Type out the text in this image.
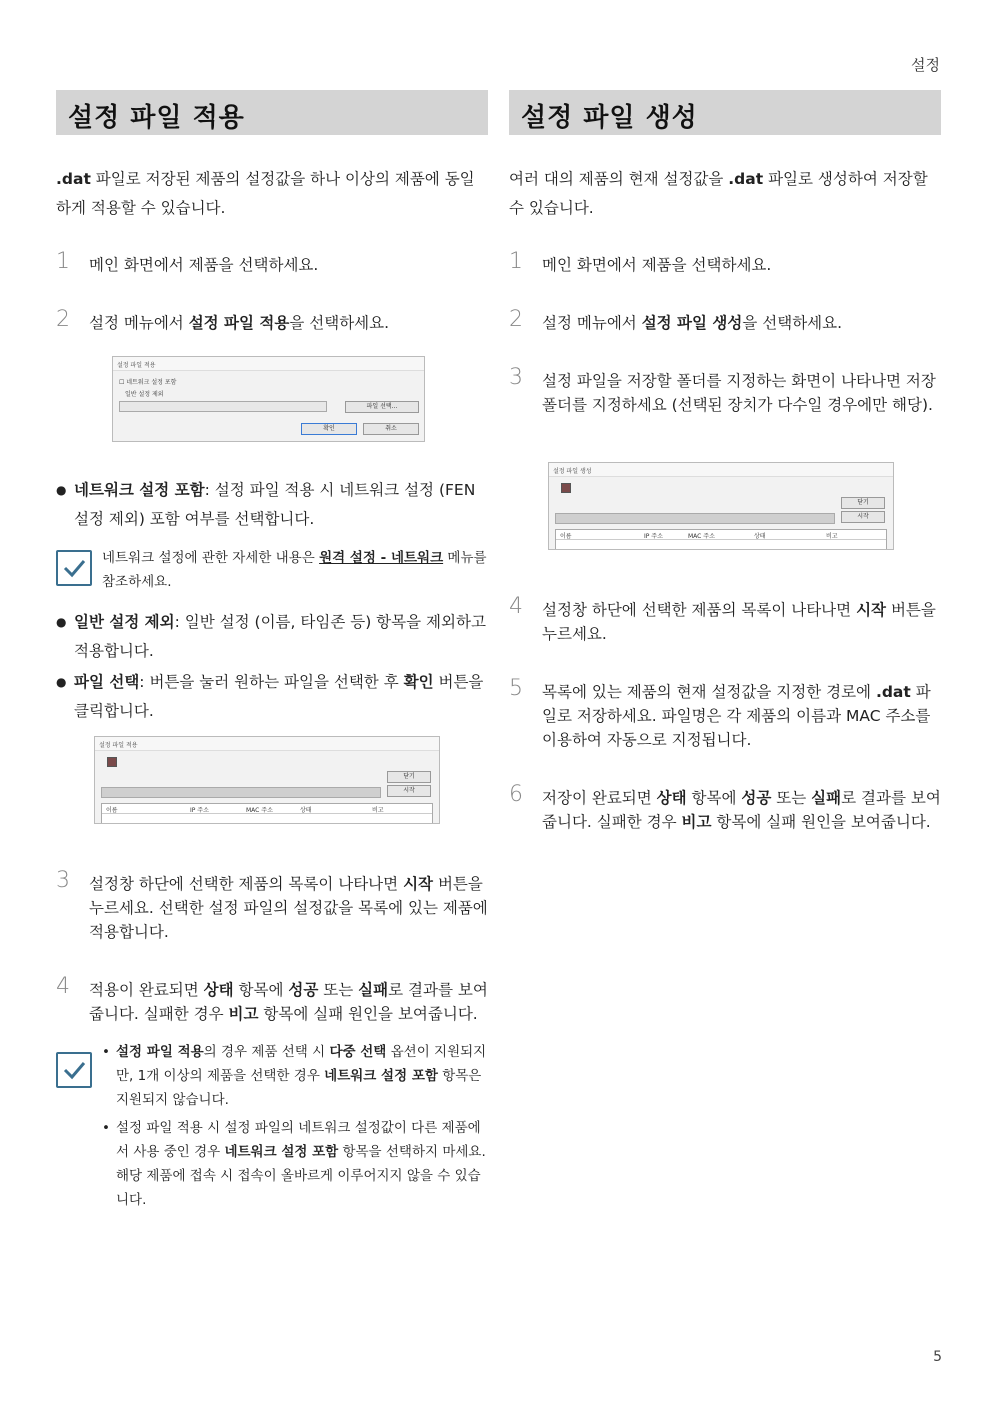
설정
설정 파일 적용
.dat 파일로 저장된 제품의 설정값을 하나 이상의 제품에 동일하게 적용할 수 있습니다.
1 메인 화면에서 제품을 선택하세요.
2 설정 메뉴에서 설정 파일 적용을 선택하세요.
설정 파일 적용
☐ 네트워크 설정 포함
일반 설정 제외
파일 선택...
확인	취소
● 네트워크 설정 포함: 설정 파일 적용 시 네트워크 설정 (FEN 설정 제외) 포함 여부를 선택합니다.
네트워크 설정에 관한 자세한 내용은 원격 설정 - 네트워크 메뉴를 참조하세요.
● 일반 설정 제외: 일반 설정 (이름, 타임존 등) 항목을 제외하고 적용합니다.
● 파일 선택: 버튼을 눌러 원하는 파일을 선택한 후 확인 버튼을 클릭합니다.
설정 파일 적용
닫기
시작
이름	IP 주소	MAC 주소	상태	비고
3 설정창 하단에 선택한 제품의 목록이 나타나면 시작 버튼을 누르세요. 선택한 설정 파일의 설정값을 목록에 있는 제품에 적용합니다.
4 적용이 완료되면 상태 항목에 성공 또는 실패로 결과를 보여줍니다. 실패한 경우 비고 항목에 실패 원인을 보여줍니다.
• 설정 파일 적용의 경우 제품 선택 시 다중 선택 옵션이 지원되지만, 1개 이상의 제품을 선택한 경우 네트워크 설정 포함 항목은 지원되지 않습니다.
• 설정 파일 적용 시 설정 파일의 네트워크 설정값이 다른 제품에서 사용 중인 경우 네트워크 설정 포함 항목을 선택하지 마세요. 해당 제품에 접속 시 접속이 올바르게 이루어지지 않을 수 있습니다.
설정 파일 생성
여러 대의 제품의 현재 설정값을 .dat 파일로 생성하여 저장할 수 있습니다.
1 메인 화면에서 제품을 선택하세요.
2 설정 메뉴에서 설정 파일 생성을 선택하세요.
3 설정 파일을 저장할 폴더를 지정하는 화면이 나타나면 저장 폴더를 지정하세요 (선택된 장치가 다수일 경우에만 해당).
설정 파일 생성
닫기
시작
이름	IP 주소	MAC 주소	상태	비고
4 설정창 하단에 선택한 제품의 목록이 나타나면 시작 버튼을 누르세요.
5 목록에 있는 제품의 현재 설정값을 지정한 경로에 .dat 파일로 저장하세요. 파일명은 각 제품의 이름과 MAC 주소를 이용하여 자동으로 지정됩니다.
6 저장이 완료되면 상태 항목에 성공 또는 실패로 결과를 보여줍니다. 실패한 경우 비고 항목에 실패 원인을 보여줍니다.
5
